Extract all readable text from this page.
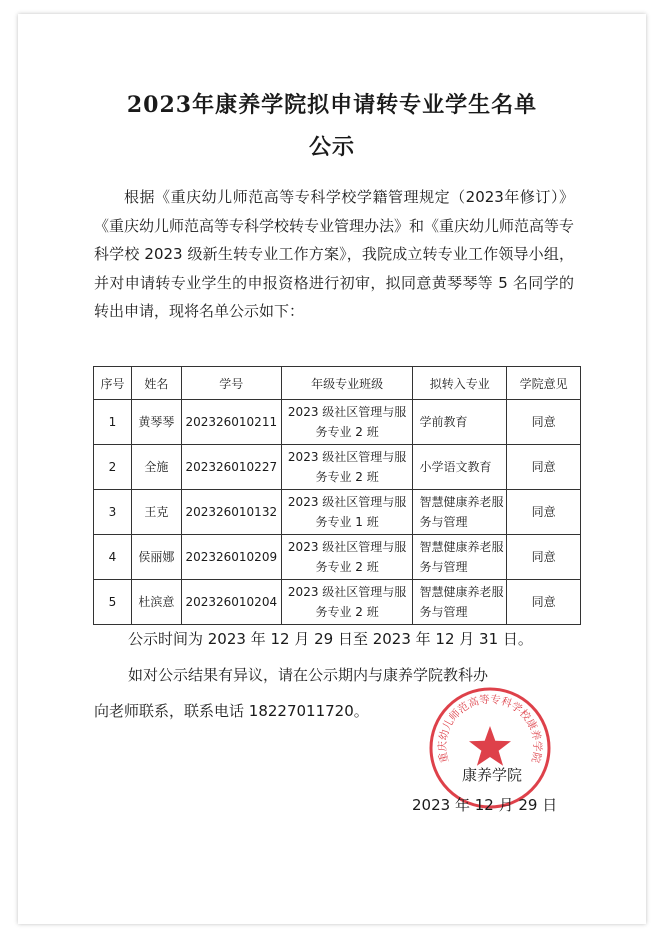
2023年康养学院拟申请转专业学生名单
公示
根据《重庆幼儿师范高等专科学校学籍管理规定（2023年修订）》《重庆幼儿师范高等专科学校转专业管理办法》和《重庆幼儿师范高等专科学校 2023 级新生转专业工作方案》，我院成立转专业工作领导小组，并对申请转专业学生的申报资格进行初审，拟同意黄琴琴等 5 名同学的转出申请，现将名单公示如下：
序号	姓名	学号	年级专业班级	拟转入专业	学院意见
1	黄琴琴	202326010211	2023 级社区管理与服务专业 2 班	学前教育	同意
2	全施	202326010227	2023 级社区管理与服务专业 2 班	小学语文教育	同意
3	王克	202326010132	2023 级社区管理与服务专业 1 班	智慧健康养老服务与管理	同意
4	侯丽娜	202326010209	2023 级社区管理与服务专业 2 班	智慧健康养老服务与管理	同意
5	杜滨意	202326010204	2023 级社区管理与服务专业 2 班	智慧健康养老服务与管理	同意
公示时间为 2023 年 12 月 29 日至 2023 年 12 月 31 日。
如对公示结果有异议，请在公示期内与康养学院教科办
向老师联系，联系电话 18227011720。
重庆幼儿师范高等专科学校康养学院
康养学院
2023 年 12 月 29 日
